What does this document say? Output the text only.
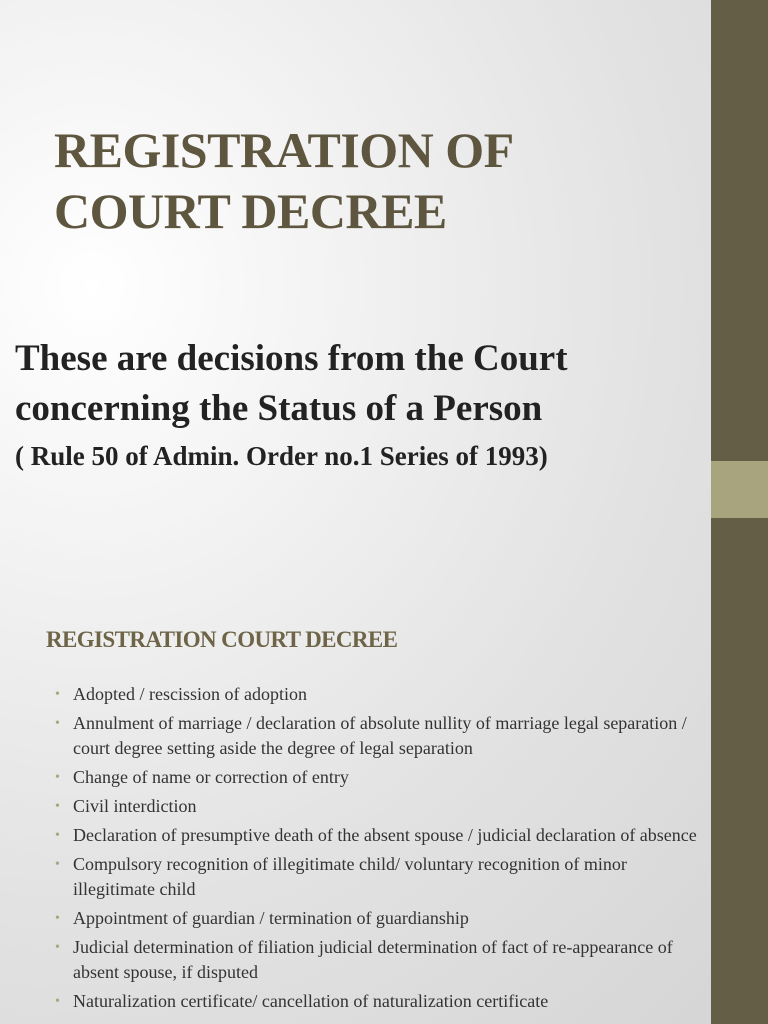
REGISTRATION OF
COURT DECREE

These are decisions from the Court
concerning the Status of a Person

( Rule 50 of Admin. Order no.1 Series of 1993)

REGISTRATION COURT DECREE
• Adopted / rescission of adoption
• Annulment of marriage / declaration of absolute nullity of marriage legal separation / court degree setting aside the degree of legal separation
• Change of name or correction of entry
• Civil interdiction
• Declaration of presumptive death of the absent spouse / judicial declaration of absence
• Compulsory recognition of illegitimate child/ voluntary recognition of minor illegitimate child
• Appointment of guardian / termination of guardianship
• Judicial determination of filiation judicial determination of fact of re-appearance of absent spouse, if disputed
• Naturalization certificate/ cancellation of naturalization certificate
